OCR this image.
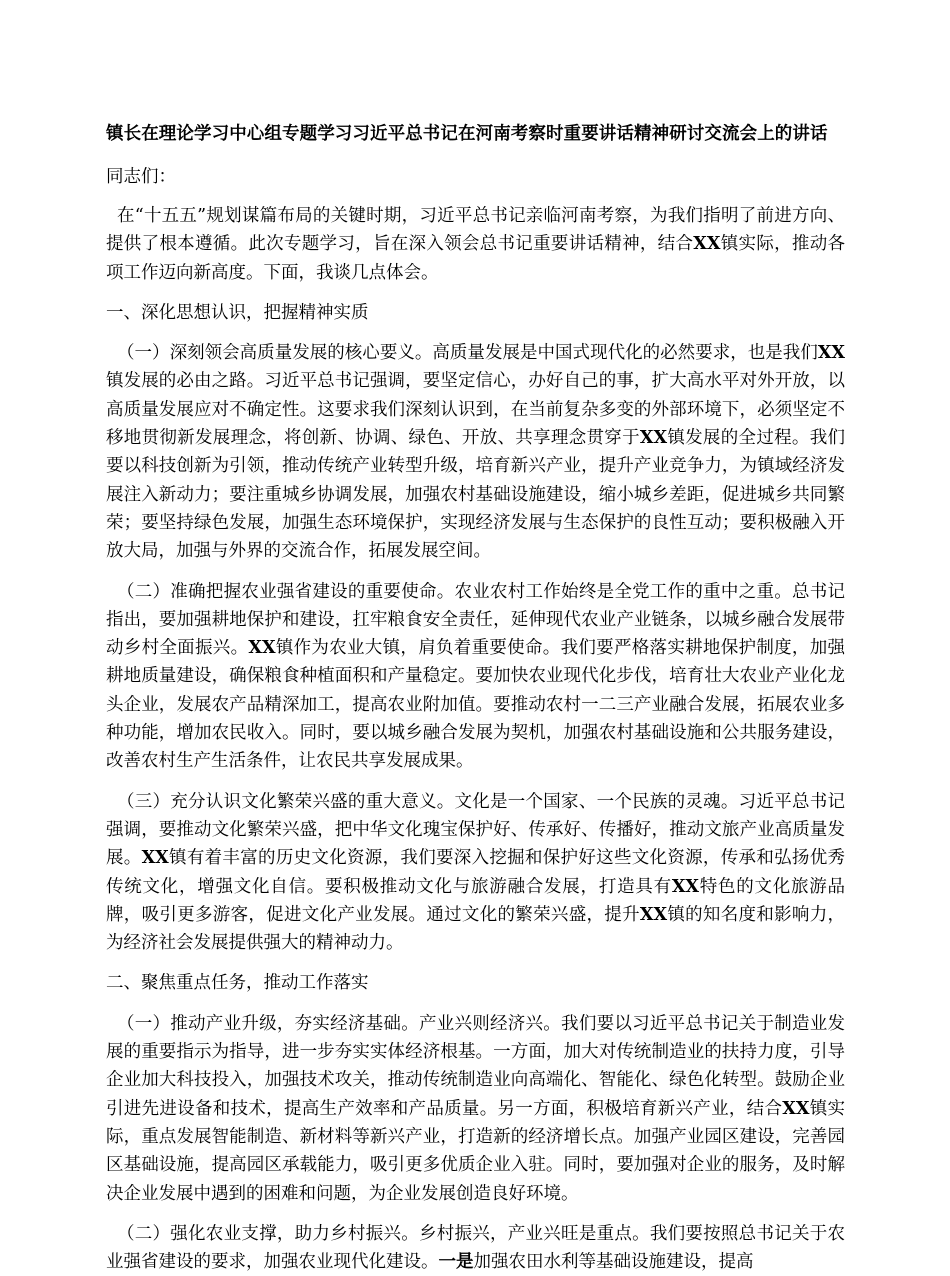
镇长在理论学习中心组专题学习习近平总书记在河南考察时重要讲话精神研讨交流会上的讲话

同志们：

在“十五五”规划谋篇布局的关键时期，习近平总书记亲临河南考察，为我们指明了前进方向、提供了根本遵循。此次专题学习，旨在深入领会总书记重要讲话精神，结合XX镇实际，推动各项工作迈向新高度。下面，我谈几点体会。

一、深化思想认识，把握精神实质

（一）深刻领会高质量发展的核心要义。高质量发展是中国式现代化的必然要求，也是我们XX镇发展的必由之路。习近平总书记强调，要坚定信心，办好自己的事，扩大高水平对外开放，以高质量发展应对不确定性。这要求我们深刻认识到，在当前复杂多变的外部环境下，必须坚定不移地贯彻新发展理念，将创新、协调、绿色、开放、共享理念贯穿于XX镇发展的全过程。我们要以科技创新为引领，推动传统产业转型升级，培育新兴产业，提升产业竞争力，为镇域经济发展注入新动力；要注重城乡协调发展，加强农村基础设施建设，缩小城乡差距，促进城乡共同繁荣；要坚持绿色发展，加强生态环境保护，实现经济发展与生态保护的良性互动；要积极融入开放大局，加强与外界的交流合作，拓展发展空间。

（二）准确把握农业强省建设的重要使命。农业农村工作始终是全党工作的重中之重。总书记指出，要加强耕地保护和建设，扛牢粮食安全责任，延伸现代农业产业链条，以城乡融合发展带动乡村全面振兴。XX镇作为农业大镇，肩负着重要使命。我们要严格落实耕地保护制度，加强耕地质量建设，确保粮食种植面积和产量稳定。要加快农业现代化步伐，培育壮大农业产业化龙头企业，发展农产品精深加工，提高农业附加值。要推动农村一二三产业融合发展，拓展农业多种功能，增加农民收入。同时，要以城乡融合发展为契机，加强农村基础设施和公共服务建设，改善农村生产生活条件，让农民共享发展成果。

（三）充分认识文化繁荣兴盛的重大意义。文化是一个国家、一个民族的灵魂。习近平总书记强调，要推动文化繁荣兴盛，把中华文化瑰宝保护好、传承好、传播好，推动文旅产业高质量发展。XX镇有着丰富的历史文化资源，我们要深入挖掘和保护好这些文化资源，传承和弘扬优秀传统文化，增强文化自信。要积极推动文化与旅游融合发展，打造具有XX特色的文化旅游品牌，吸引更多游客，促进文化产业发展。通过文化的繁荣兴盛，提升XX镇的知名度和影响力，为经济社会发展提供强大的精神动力。

二、聚焦重点任务，推动工作落实

（一）推动产业升级，夯实经济基础。产业兴则经济兴。我们要以习近平总书记关于制造业发展的重要指示为指导，进一步夯实实体经济根基。一方面，加大对传统制造业的扶持力度，引导企业加大科技投入，加强技术攻关，推动传统制造业向高端化、智能化、绿色化转型。鼓励企业引进先进设备和技术，提高生产效率和产品质量。另一方面，积极培育新兴产业，结合XX镇实际，重点发展智能制造、新材料等新兴产业，打造新的经济增长点。加强产业园区建设，完善园区基础设施，提高园区承载能力，吸引更多优质企业入驻。同时，要加强对企业的服务，及时解决企业发展中遇到的困难和问题，为企业发展创造良好环境。

（二）强化农业支撑，助力乡村振兴。乡村振兴，产业兴旺是重点。我们要按照总书记关于农业强省建设的要求，加强农业现代化建设。一是加强农田水利等基础设施建设，提高
